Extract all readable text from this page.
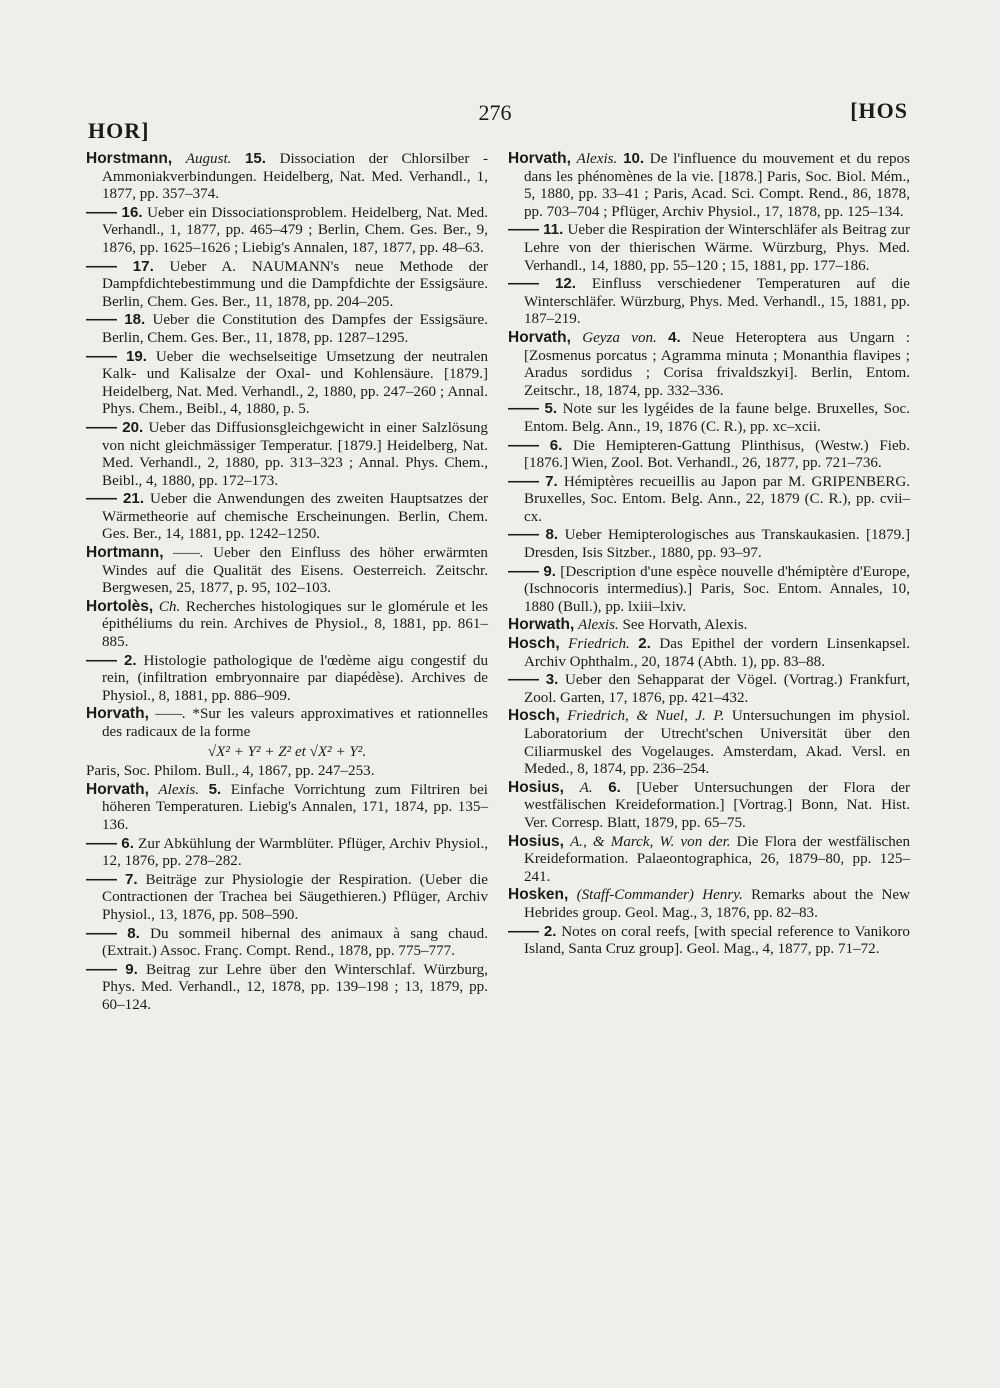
HOR]
276	[HOS

Horstmann, August. 15. Dissociation der Chlorsilber - Ammoniakverbindungen. Heidelberg, Nat. Med. Verhandl., 1, 1877, pp. 357–374.

—— 16. Ueber ein Dissociationsproblem. Heidelberg, Nat. Med. Verhandl., 1, 1877, pp. 465–479 ; Berlin, Chem. Ges. Ber., 9, 1876, pp. 1625–1626 ; Liebig's Annalen, 187, 1877, pp. 48–63.

—— 17. Ueber A. NAUMANN's neue Methode der Dampfdichtebestimmung und die Dampfdichte der Essigsäure. Berlin, Chem. Ges. Ber., 11, 1878, pp. 204–205.

—— 18. Ueber die Constitution des Dampfes der Essigsäure. Berlin, Chem. Ges. Ber., 11, 1878, pp. 1287–1295.

—— 19. Ueber die wechselseitige Umsetzung der neutralen Kalk- und Kalisalze der Oxal- und Kohlensäure. [1879.] Heidelberg, Nat. Med. Verhandl., 2, 1880, pp. 247–260 ; Annal. Phys. Chem., Beibl., 4, 1880, p. 5.

—— 20. Ueber das Diffusionsgleichgewicht in einer Salzlösung von nicht gleichmässiger Temperatur. [1879.] Heidelberg, Nat. Med. Verhandl., 2, 1880, pp. 313–323 ; Annal. Phys. Chem., Beibl., 4, 1880, pp. 172–173.

—— 21. Ueber die Anwendungen des zweiten Hauptsatzes der Wärmetheorie auf chemische Erscheinungen. Berlin, Chem. Ges. Ber., 14, 1881, pp. 1242–1250.

Hortmann, ——. Ueber den Einfluss des höher erwärmten Windes auf die Qualität des Eisens. Oesterreich. Zeitschr. Bergwesen, 25, 1877, p. 95, 102–103.

Hortolès, Ch. Recherches histologiques sur le glomérule et les épithéliums du rein. Archives de Physiol., 8, 1881, pp. 861–885.

—— 2. Histologie pathologique de l'œdème aigu congestif du rein, (infiltration embryonnaire par diapédèse). Archives de Physiol., 8, 1881, pp. 886–909.

Horvath, ——. *Sur les valeurs approximatives et rationnelles des radicaux de la forme

√X² + Y² + Z² et √X² + Y².

Paris, Soc. Philom. Bull., 4, 1867, pp. 247–253.

Horvath, Alexis. 5. Einfache Vorrichtung zum Filtriren bei höheren Temperaturen. Liebig's Annalen, 171, 1874, pp. 135–136.

—— 6. Zur Abkühlung der Warmblüter. Pflüger, Archiv Physiol., 12, 1876, pp. 278–282.

—— 7. Beiträge zur Physiologie der Respiration. (Ueber die Contractionen der Trachea bei Säugethieren.) Pflüger, Archiv Physiol., 13, 1876, pp. 508–590.

—— 8. Du sommeil hibernal des animaux à sang chaud. (Extrait.) Assoc. Franç. Compt. Rend., 1878, pp. 775–777.

—— 9. Beitrag zur Lehre über den Winterschlaf. Würzburg, Phys. Med. Verhandl., 12, 1878, pp. 139–198 ; 13, 1879, pp. 60–124.

Horvath, Alexis. 10. De l'influence du mouvement et du repos dans les phénomènes de la vie. [1878.] Paris, Soc. Biol. Mém., 5, 1880, pp. 33–41 ; Paris, Acad. Sci. Compt. Rend., 86, 1878, pp. 703–704 ; Pflüger, Archiv Physiol., 17, 1878, pp. 125–134.

—— 11. Ueber die Respiration der Winterschläfer als Beitrag zur Lehre von der thierischen Wärme. Würzburg, Phys. Med. Verhandl., 14, 1880, pp. 55–120 ; 15, 1881, pp. 177–186.

—— 12. Einfluss verschiedener Temperaturen auf die Winterschläfer. Würzburg, Phys. Med. Verhandl., 15, 1881, pp. 187–219.

Horvath, Geyza von. 4. Neue Heteroptera aus Ungarn : [Zosmenus porcatus ; Agramma minuta ; Monanthia flavipes ; Aradus sordidus ; Corisa frivaldszkyi]. Berlin, Entom. Zeitschr., 18, 1874, pp. 332–336.

—— 5. Note sur les lygéides de la faune belge. Bruxelles, Soc. Entom. Belg. Ann., 19, 1876 (C. R.), pp. xc–xcii.

—— 6. Die Hemipteren-Gattung Plinthisus, (Westw.) Fieb. [1876.] Wien, Zool. Bot. Verhandl., 26, 1877, pp. 721–736.

—— 7. Hémiptères recueillis au Japon par M. GRIPENBERG. Bruxelles, Soc. Entom. Belg. Ann., 22, 1879 (C. R.), pp. cvii–cx.

—— 8. Ueber Hemipterologisches aus Transkaukasien. [1879.] Dresden, Isis Sitzber., 1880, pp. 93–97.

—— 9. [Description d'une espèce nouvelle d'hémiptère d'Europe, (Ischnocoris intermedius).] Paris, Soc. Entom. Annales, 10, 1880 (Bull.), pp. lxiii–lxiv.

Horwath, Alexis. See Horvath, Alexis.

Hosch, Friedrich. 2. Das Epithel der vordern Linsenkapsel. Archiv Ophthalm., 20, 1874 (Abth. 1), pp. 83–88.

—— 3. Ueber den Sehapparat der Vögel. (Vortrag.) Frankfurt, Zool. Garten, 17, 1876, pp. 421–432.

Hosch, Friedrich, & Nuel, J. P. Untersuchungen im physiol. Laboratorium der Utrecht'schen Universität über den Ciliarmuskel des Vogelauges. Amsterdam, Akad. Versl. en Meded., 8, 1874, pp. 236–254.

Hosius, A. 6. [Ueber Untersuchungen der Flora der westfälischen Kreideformation.] [Vortrag.] Bonn, Nat. Hist. Ver. Corresp. Blatt, 1879, pp. 65–75.

Hosius, A., & Marck, W. von der. Die Flora der westfälischen Kreideformation. Palaeontographica, 26, 1879–80, pp. 125–241.

Hosken, (Staff-Commander) Henry. Remarks about the New Hebrides group. Geol. Mag., 3, 1876, pp. 82–83.

—— 2. Notes on coral reefs, [with special reference to Vanikoro Island, Santa Cruz group]. Geol. Mag., 4, 1877, pp. 71–72.
